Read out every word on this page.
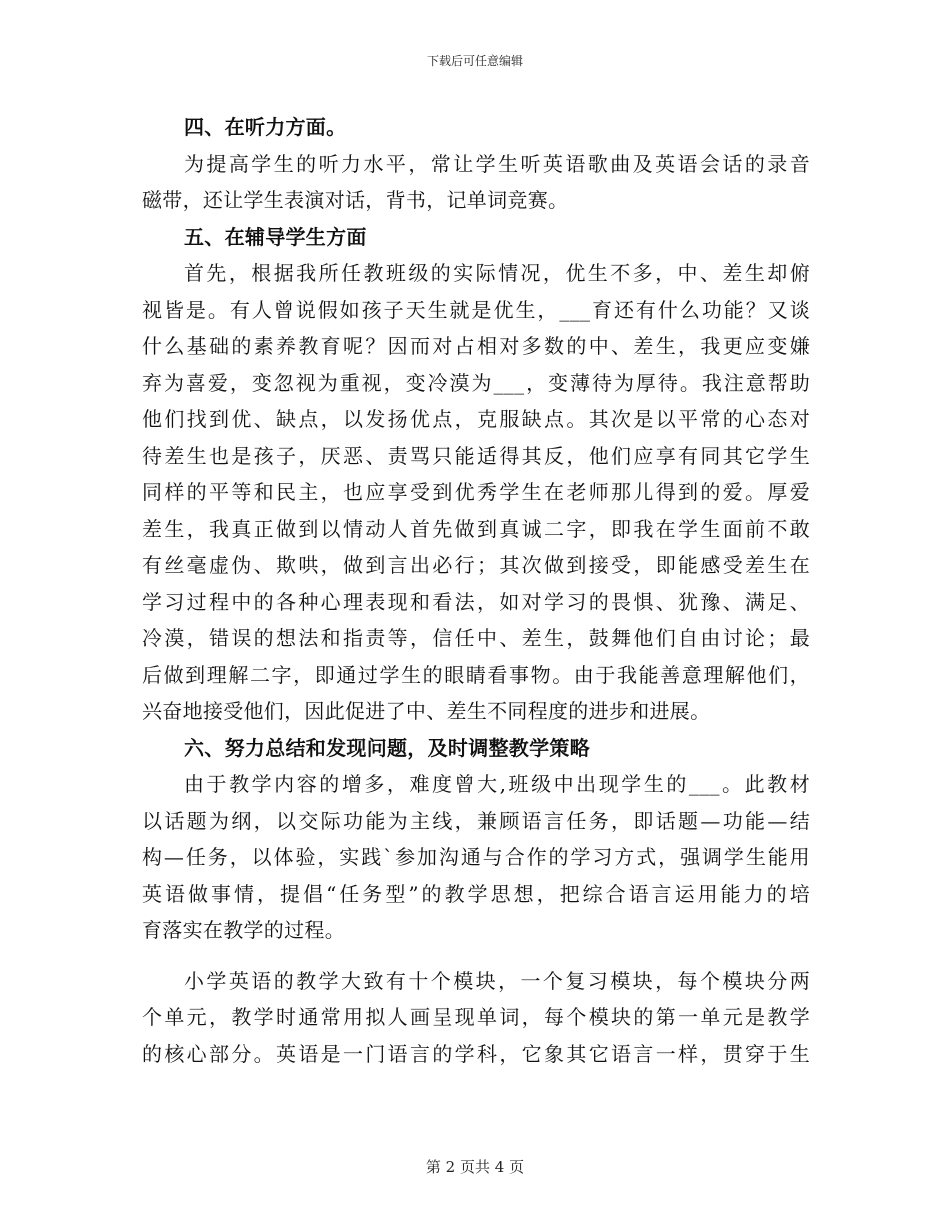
下载后可任意编辑
四、在听力方面。
为提高学生的听力水平，常让学生听英语歌曲及英语会话的录音
磁带，还让学生表演对话，背书，记单词竞赛。
五、在辅导学生方面
首先，根据我所任教班级的实际情况，优生不多，中、差生却俯
视皆是。有人曾说假如孩子天生就是优生，___育还有什么功能？又谈
什么基础的素养教育呢？因而对占相对多数的中、差生，我更应变嫌
弃为喜爱，变忽视为重视，变冷漠为___，变薄待为厚待。我注意帮助
他们找到优、缺点，以发扬优点，克服缺点。其次是以平常的心态对
待差生也是孩子，厌恶、责骂只能适得其反，他们应享有同其它学生
同样的平等和民主，也应享受到优秀学生在老师那儿得到的爱。厚爱
差生，我真正做到以情动人首先做到真诚二字，即我在学生面前不敢
有丝毫虚伪、欺哄，做到言出必行；其次做到接受，即能感受差生在
学习过程中的各种心理表现和看法，如对学习的畏惧、犹豫、满足、
冷漠，错误的想法和指责等，信任中、差生，鼓舞他们自由讨论；最
后做到理解二字，即通过学生的眼睛看事物。由于我能善意理解他们，
兴奋地接受他们，因此促进了中、差生不同程度的进步和进展。
六、努力总结和发现问题，及时调整教学策略
由于教学内容的增多，难度曾大,班级中出现学生的___。此教材
以话题为纲，以交际功能为主线，兼顾语言任务，即话题—功能—结
构—任务，以体验，实践`参加沟通与合作的学习方式，强调学生能用
英语做事情，提倡“任务型”的教学思想，把综合语言运用能力的培
育落实在教学的过程。
小学英语的教学大致有十个模块，一个复习模块，每个模块分两
个单元，教学时通常用拟人画呈现单词，每个模块的第一单元是教学
的核心部分。英语是一门语言的学科，它象其它语言一样，贯穿于生
第 2 页共 4 页
